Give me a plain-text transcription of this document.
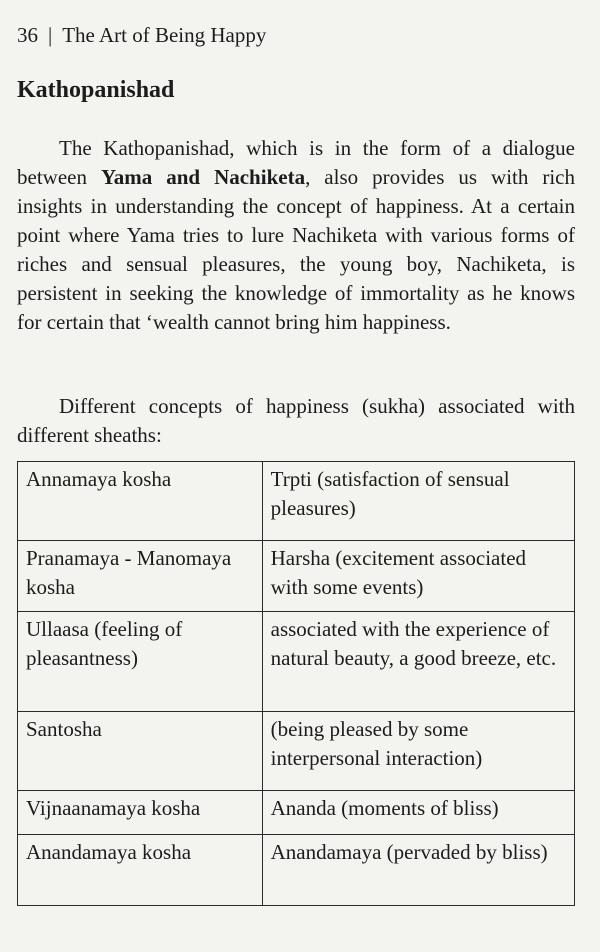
36 | The Art of Being Happy
Kathopanishad
The Kathopanishad, which is in the form of a dialogue between Yama and Nachiketa, also provides us with rich insights in understanding the concept of happiness. At a certain point where Yama tries to lure Nachiketa with various forms of riches and sensual pleasures, the young boy, Nachiketa, is persistent in seeking the knowledge of immortality as he knows for certain that ‘wealth cannot bring him happiness.
Different concepts of happiness (sukha) associated with different sheaths:
Annamaya kosha	Trpti (satisfaction of sensual pleasures)
Pranamaya - Manomaya kosha	Harsha (excitement associated with some events)
Ullaasa (feeling of pleasantness)	associated with the experience of natural beauty, a good breeze, etc.
Santosha	(being pleased by some interpersonal interaction)
Vijnaanamaya kosha	Ananda (moments of bliss)
Anandamaya kosha	Anandamaya (pervaded by bliss)
